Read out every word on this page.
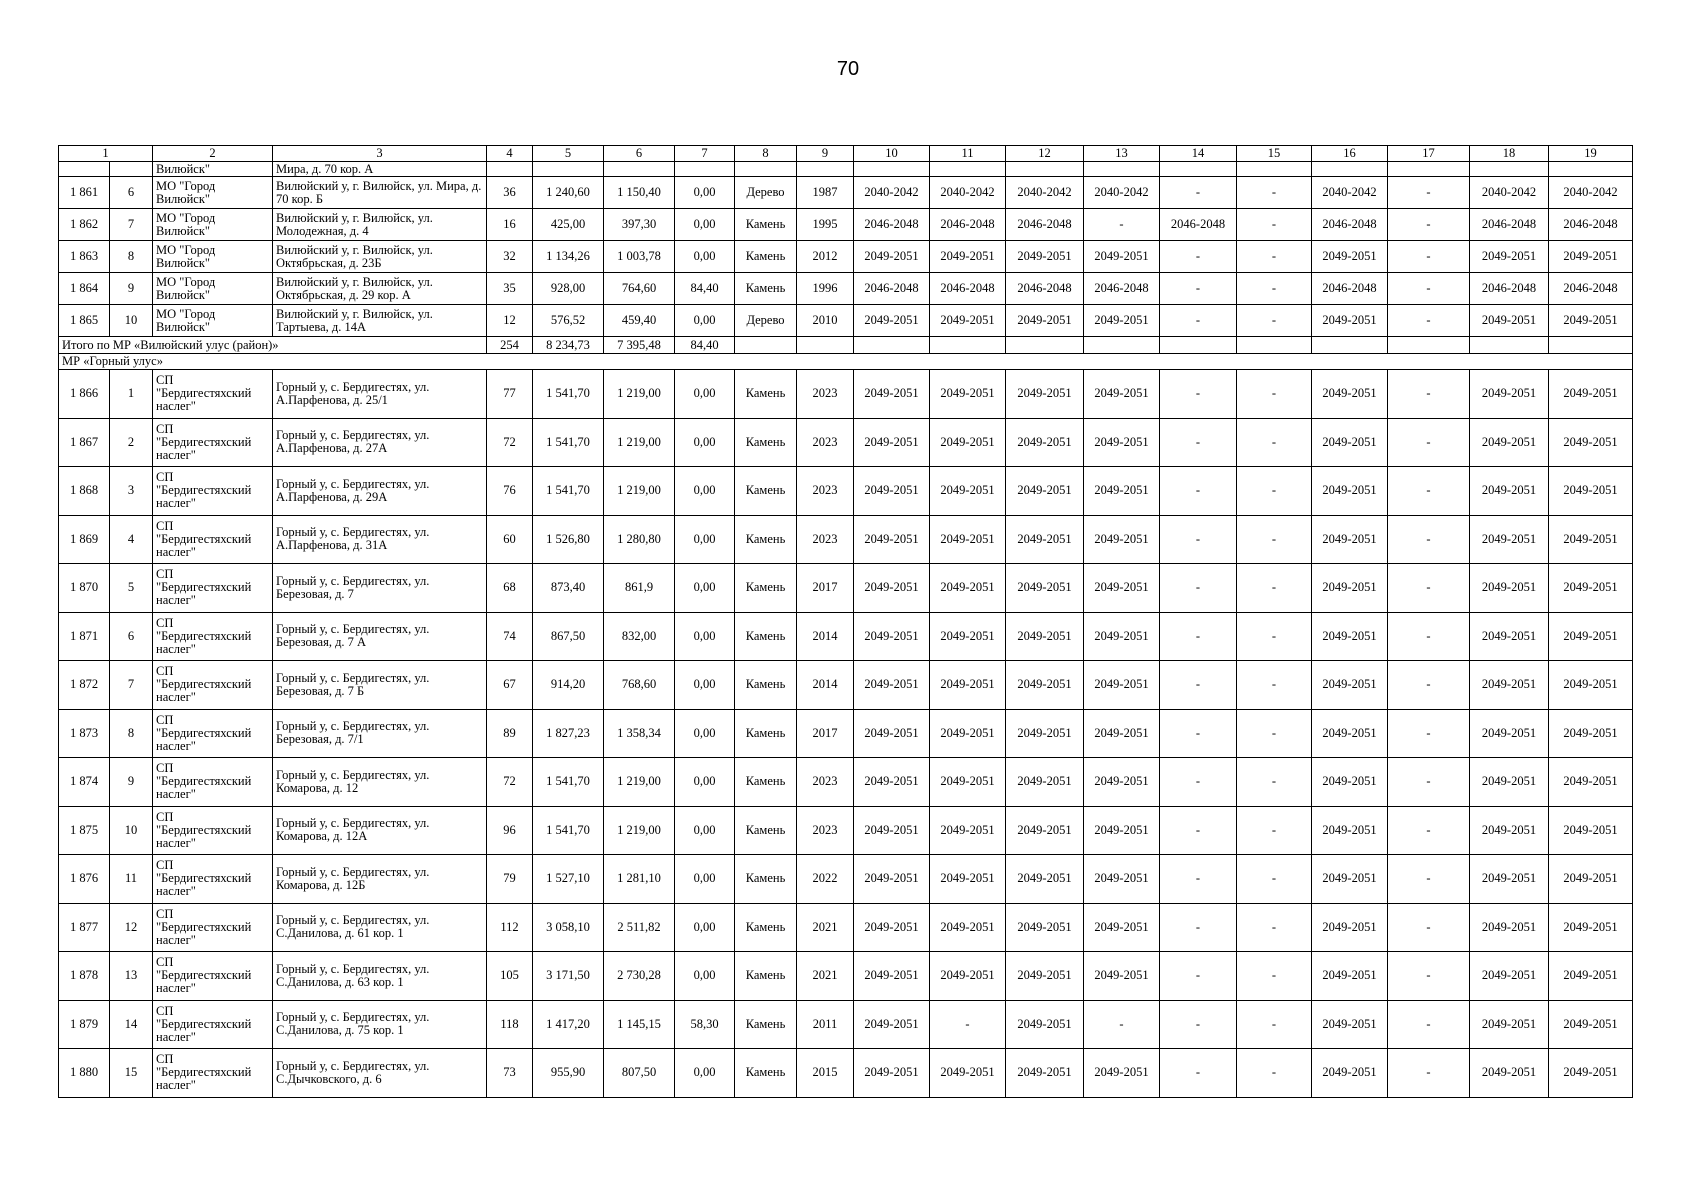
70
1		2	3	4	5	6	7	8	9	10	11	12	13	14	15	16	17	18	19
		Вилюйск"	Мира, д. 70 кор. А																
1 861	6	МО "Город Вилюйск"	Вилюйский у, г. Вилюйск, ул. Мира, д. 70 кор. Б	36	1 240,60	1 150,40	0,00	Дерево	1987	2040-2042	2040-2042	2040-2042	2040-2042	-	-	2040-2042	-	2040-2042	2040-2042
1 862	7	МО "Город Вилюйск"	Вилюйский у, г. Вилюйск, ул. Молодежная, д. 4	16	425,00	397,30	0,00	Камень	1995	2046-2048	2046-2048	2046-2048	-	2046-2048	-	2046-2048	-	2046-2048	2046-2048
1 863	8	МО "Город Вилюйск"	Вилюйский у, г. Вилюйск, ул. Октябрьская, д. 23Б	32	1 134,26	1 003,78	0,00	Камень	2012	2049-2051	2049-2051	2049-2051	2049-2051	-	-	2049-2051	-	2049-2051	2049-2051
1 864	9	МО "Город Вилюйск"	Вилюйский у, г. Вилюйск, ул. Октябрьская, д. 29 кор. А	35	928,00	764,60	84,40	Камень	1996	2046-2048	2046-2048	2046-2048	2046-2048	-	-	2046-2048	-	2046-2048	2046-2048
1 865	10	МО "Город Вилюйск"	Вилюйский у, г. Вилюйск, ул. Тартыева, д. 14А	12	576,52	459,40	0,00	Дерево	2010	2049-2051	2049-2051	2049-2051	2049-2051	-	-	2049-2051	-	2049-2051	2049-2051
Итого по МР «Вилюйский улус (район)»				254	8 234,73	7 395,48	84,40												
МР «Горный улус»																			
1 866	1	СП "Бердигестяхский наслег"	Горный у, с. Бердигестях, ул. А.Парфенова, д. 25/1	77	1 541,70	1 219,00	0,00	Камень	2023	2049-2051	2049-2051	2049-2051	2049-2051	-	-	2049-2051	-	2049-2051	2049-2051
1 867	2	СП "Бердигестяхский наслег"	Горный у, с. Бердигестях, ул. А.Парфенова, д. 27А	72	1 541,70	1 219,00	0,00	Камень	2023	2049-2051	2049-2051	2049-2051	2049-2051	-	-	2049-2051	-	2049-2051	2049-2051
1 868	3	СП "Бердигестяхский наслег"	Горный у, с. Бердигестях, ул. А.Парфенова, д. 29А	76	1 541,70	1 219,00	0,00	Камень	2023	2049-2051	2049-2051	2049-2051	2049-2051	-	-	2049-2051	-	2049-2051	2049-2051
1 869	4	СП "Бердигестяхский наслег"	Горный у, с. Бердигестях, ул. А.Парфенова, д. 31А	60	1 526,80	1 280,80	0,00	Камень	2023	2049-2051	2049-2051	2049-2051	2049-2051	-	-	2049-2051	-	2049-2051	2049-2051
1 870	5	СП "Бердигестяхский наслег"	Горный у, с. Бердигестях, ул. Березовая, д. 7	68	873,40	861,9	0,00	Камень	2017	2049-2051	2049-2051	2049-2051	2049-2051	-	-	2049-2051	-	2049-2051	2049-2051
1 871	6	СП "Бердигестяхский наслег"	Горный у, с. Бердигестях, ул. Березовая, д. 7 А	74	867,50	832,00	0,00	Камень	2014	2049-2051	2049-2051	2049-2051	2049-2051	-	-	2049-2051	-	2049-2051	2049-2051
1 872	7	СП "Бердигестяхский наслег"	Горный у, с. Бердигестях, ул. Березовая, д. 7 Б	67	914,20	768,60	0,00	Камень	2014	2049-2051	2049-2051	2049-2051	2049-2051	-	-	2049-2051	-	2049-2051	2049-2051
1 873	8	СП "Бердигестяхский наслег"	Горный у, с. Бердигестях, ул. Березовая, д. 7/1	89	1 827,23	1 358,34	0,00	Камень	2017	2049-2051	2049-2051	2049-2051	2049-2051	-	-	2049-2051	-	2049-2051	2049-2051
1 874	9	СП "Бердигестяхский наслег"	Горный у, с. Бердигестях, ул. Комарова, д. 12	72	1 541,70	1 219,00	0,00	Камень	2023	2049-2051	2049-2051	2049-2051	2049-2051	-	-	2049-2051	-	2049-2051	2049-2051
1 875	10	СП "Бердигестяхский наслег"	Горный у, с. Бердигестях, ул. Комарова, д. 12А	96	1 541,70	1 219,00	0,00	Камень	2023	2049-2051	2049-2051	2049-2051	2049-2051	-	-	2049-2051	-	2049-2051	2049-2051
1 876	11	СП "Бердигестяхский наслег"	Горный у, с. Бердигестях, ул. Комарова, д. 12Б	79	1 527,10	1 281,10	0,00	Камень	2022	2049-2051	2049-2051	2049-2051	2049-2051	-	-	2049-2051	-	2049-2051	2049-2051
1 877	12	СП "Бердигестяхский наслег"	Горный у, с. Бердигестях, ул. С.Данилова, д. 61 кор. 1	112	3 058,10	2 511,82	0,00	Камень	2021	2049-2051	2049-2051	2049-2051	2049-2051	-	-	2049-2051	-	2049-2051	2049-2051
1 878	13	СП "Бердигестяхский наслег"	Горный у, с. Бердигестях, ул. С.Данилова, д. 63 кор. 1	105	3 171,50	2 730,28	0,00	Камень	2021	2049-2051	2049-2051	2049-2051	2049-2051	-	-	2049-2051	-	2049-2051	2049-2051
1 879	14	СП "Бердигестяхский наслег"	Горный у, с. Бердигестях, ул. С.Данилова, д. 75 кор. 1	118	1 417,20	1 145,15	58,30	Камень	2011	2049-2051	-	2049-2051	-	-	-	2049-2051	-	2049-2051	2049-2051
1 880	15	СП "Бердигестяхский наслег"	Горный у, с. Бердигестях, ул. С.Дычковского, д. 6	73	955,90	807,50	0,00	Камень	2015	2049-2051	2049-2051	2049-2051	2049-2051	-	-	2049-2051	-	2049-2051	2049-2051
